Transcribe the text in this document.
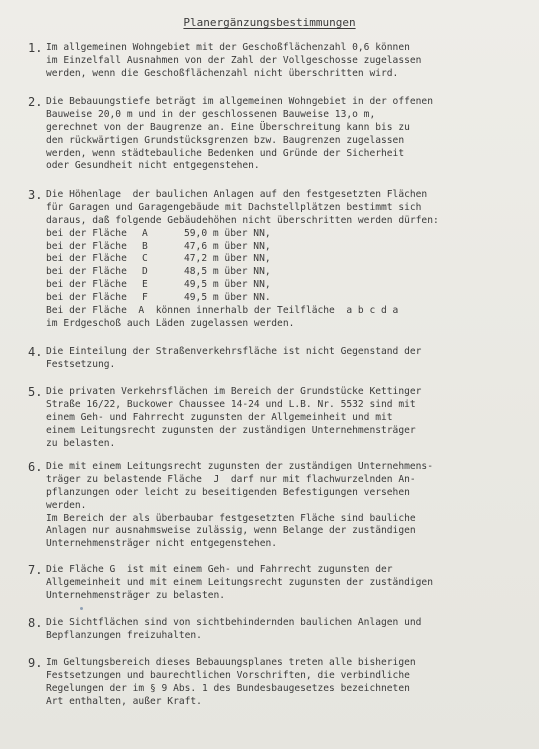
Planergänzungsbestimmungen
1. Im allgemeinen Wohngebiet mit der Geschoßflächenzahl 0,6 können
im Einzelfall Ausnahmen von der Zahl der Vollgeschosse zugelassen
werden, wenn die Geschoßflächenzahl nicht überschritten wird.
2. Die Bebauungstiefe beträgt im allgemeinen Wohngebiet in der offenen
Bauweise 20,0 m und in der geschlossenen Bauweise 13,o m,
gerechnet von der Baugrenze an. Eine Überschreitung kann bis zu
den rückwärtigen Grundstücksgrenzen bzw. Baugrenzen zugelassen
werden, wenn städtebauliche Bedenken und Gründe der Sicherheit
oder Gesundheit nicht entgegenstehen.
3. Die Höhenlage  der baulichen Anlagen auf den festgesetzten Flächen
für Garagen und Garagengebäude mit Dachstellplätzen bestimmt sich
daraus, daß folgende Gebäudehöhen nicht überschritten werden dürfen:
bei der Fläche A	59,0 m über NN,
bei der Fläche B	47,6 m über NN,
bei der Fläche C	47,2 m über NN,
bei der Fläche D	48,5 m über NN,
bei der Fläche E	49,5 m über NN,
bei der Fläche F	49,5 m über NN.
Bei der Fläche  A  können innerhalb der Teilfläche  a b c d a
im Erdgeschoß auch Läden zugelassen werden.
4. Die Einteilung der Straßenverkehrsfläche ist nicht Gegenstand der
Festsetzung.
5. Die privaten Verkehrsflächen im Bereich der Grundstücke Kettinger
Straße 16/22, Buckower Chaussee 14-24 und L.B. Nr. 5532 sind mit
einem Geh- und Fahrrecht zugunsten der Allgemeinheit und mit
einem Leitungsrecht zugunsten der zuständigen Unternehmensträger
zu belasten.
6. Die mit einem Leitungsrecht zugunsten der zuständigen Unternehmens-
träger zu belastende Fläche  J  darf nur mit flachwurzelnden An-
pflanzungen oder leicht zu beseitigenden Befestigungen versehen
werden.
Im Bereich der als überbaubar festgesetzten Fläche sind bauliche
Anlagen nur ausnahmsweise zulässig, wenn Belange der zuständigen
Unternehmensträger nicht entgegenstehen.
7. Die Fläche G  ist mit einem Geh- und Fahrrecht zugunsten der
Allgemeinheit und mit einem Leitungsrecht zugunsten der zuständigen
Unternehmensträger zu belasten.
8. Die Sichtflächen sind von sichtbehindernden baulichen Anlagen und
Bepflanzungen freizuhalten.
9. Im Geltungsbereich dieses Bebauungsplanes treten alle bisherigen
Festsetzungen und baurechtlichen Vorschriften, die verbindliche
Regelungen der im § 9 Abs. 1 des Bundesbaugesetzes bezeichneten
Art enthalten, außer Kraft.
